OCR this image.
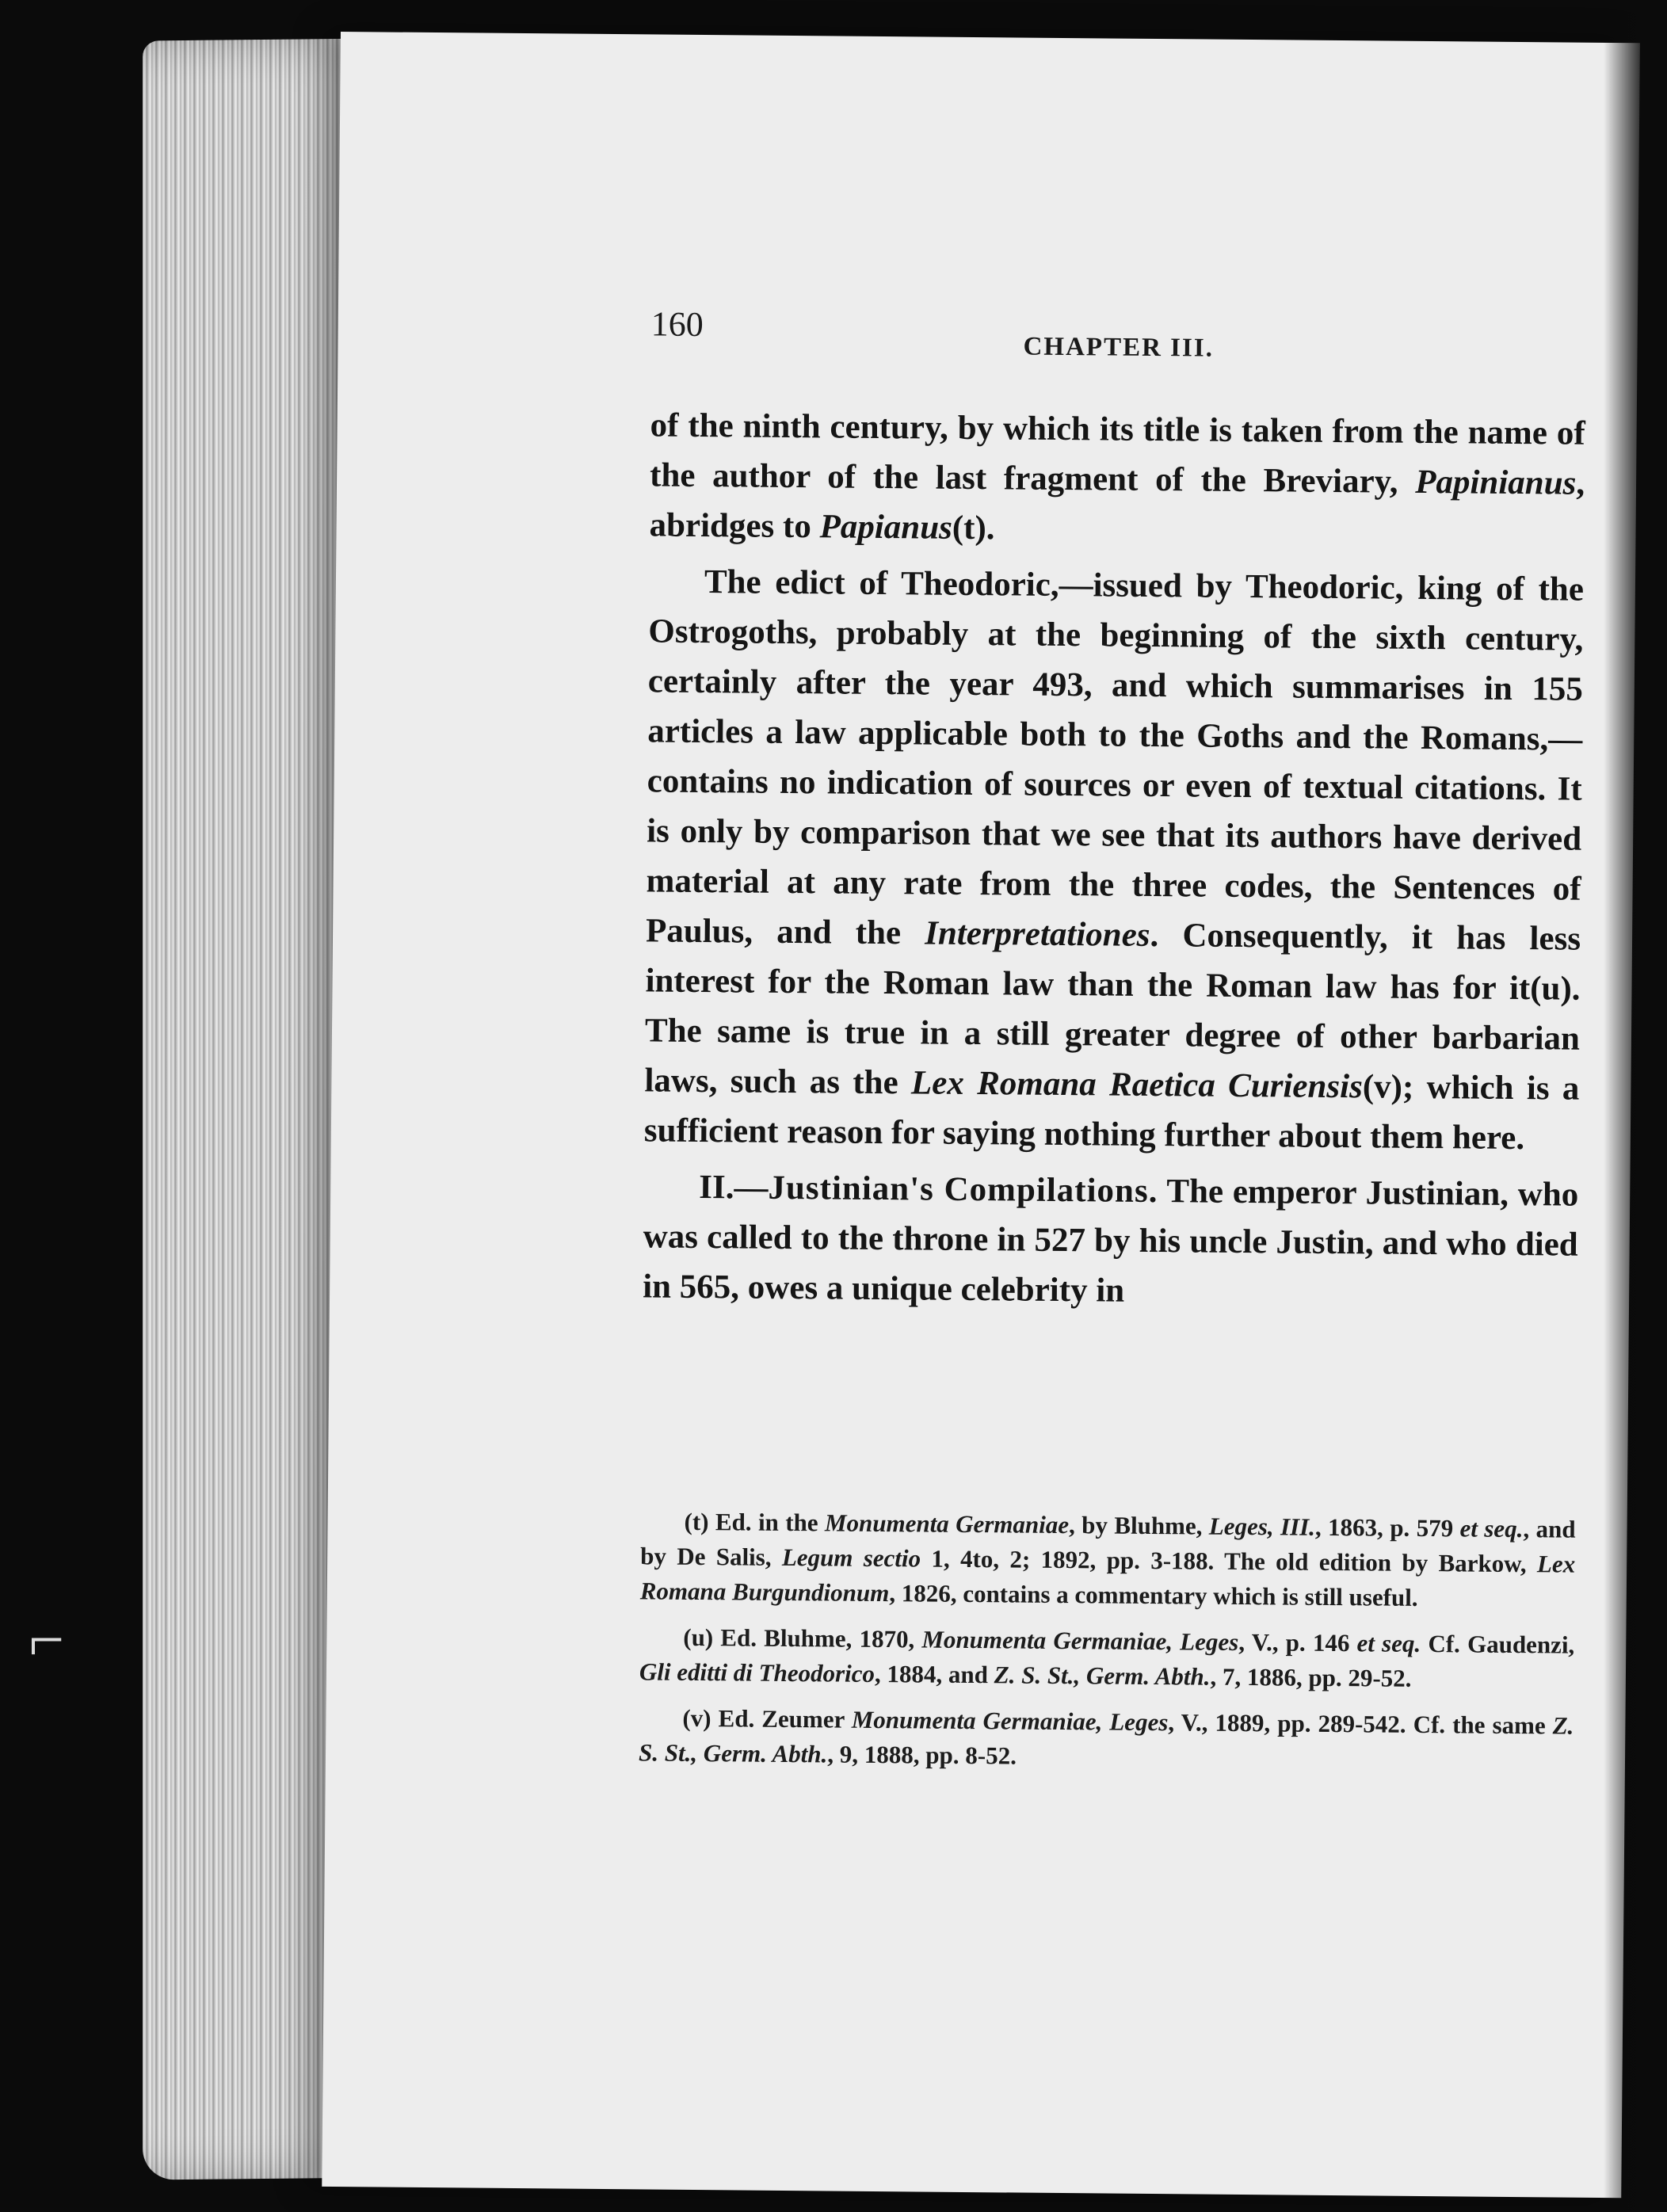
⌐
160
CHAPTER III.

of the ninth century, by which its title is taken from the name of the author of the last fragment of the Breviary, Papinianus, abridges to Papianus(t).

The edict of Theodoric,—issued by Theodoric, king of the Ostrogoths, probably at the beginning of the sixth century, certainly after the year 493, and which summarises in 155 articles a law applicable both to the Goths and the Romans,—contains no indication of sources or even of textual citations. It is only by comparison that we see that its authors have derived material at any rate from the three codes, the Sentences of Paulus, and the Interpretationes. Consequently, it has less interest for the Roman law than the Roman law has for it(u). The same is true in a still greater degree of other barbarian laws, such as the Lex Romana Raetica Curiensis(v); which is a sufficient reason for saying nothing further about them here.

II.—Justinian's Compilations. The emperor Justinian, who was called to the throne in 527 by his uncle Justin, and who died in 565, owes a unique celebrity in

(t) Ed. in the Monumenta Germaniae, by Bluhme, Leges, III., 1863, p. 579 et seq., and by De Salis, Legum sectio 1, 4to, 2; 1892, pp. 3-188. The old edition by Barkow, Lex Romana Burgundionum, 1826, contains a commentary which is still useful.

(u) Ed. Bluhme, 1870, Monumenta Germaniae, Leges, V., p. 146 et seq. Cf. Gaudenzi, Gli editti di Theodorico, 1884, and Z. S. St., Germ. Abth., 7, 1886, pp. 29-52.

(v) Ed. Zeumer Monumenta Germaniae, Leges, V., 1889, pp. 289-542. Cf. the same Z. S. St., Germ. Abth., 9, 1888, pp. 8-52.
